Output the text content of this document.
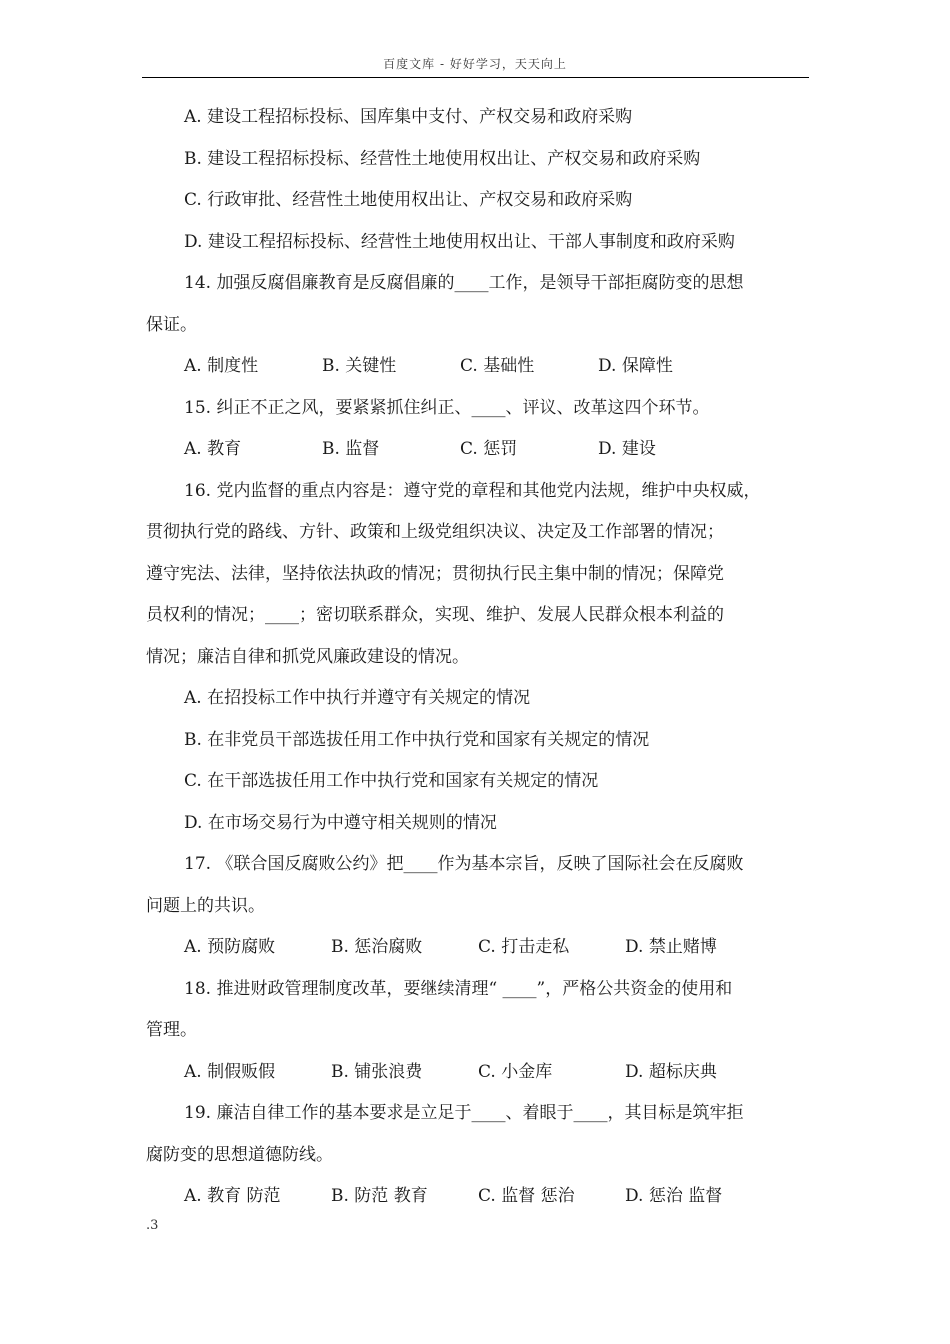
百度文库 - 好好学习，天天向上
A. 建设工程招标投标、国库集中支付、产权交易和政府采购
B. 建设工程招标投标、经营性土地使用权出让、产权交易和政府采购
C. 行政审批、经营性土地使用权出让、产权交易和政府采购
D. 建设工程招标投标、经营性土地使用权出让、干部人事制度和政府采购
14. 加强反腐倡廉教育是反腐倡廉的____工作，是领导干部拒腐防变的思想
保证。
A. 制度性	B. 关键性	C. 基础性	D. 保障性
15. 纠正不正之风，要紧紧抓住纠正、____、评议、改革这四个环节。
A. 教育	B. 监督	C. 惩罚	D. 建设
16. 党内监督的重点内容是：遵守党的章程和其他党内法规，维护中央权威，
贯彻执行党的路线、方针、政策和上级党组织决议、决定及工作部署的情况；
遵守宪法、法律，坚持依法执政的情况；贯彻执行民主集中制的情况；保障党
员权利的情况；____；密切联系群众，实现、维护、发展人民群众根本利益的
情况；廉洁自律和抓党风廉政建设的情况。
A. 在招投标工作中执行并遵守有关规定的情况
B. 在非党员干部选拔任用工作中执行党和国家有关规定的情况
C. 在干部选拔任用工作中执行党和国家有关规定的情况
D. 在市场交易行为中遵守相关规则的情况
17. 《联合国反腐败公约》把____作为基本宗旨，反映了国际社会在反腐败
问题上的共识。
A. 预防腐败	B. 惩治腐败	C. 打击走私	D. 禁止赌博
18. 推进财政管理制度改革，要继续清理“ ____”，严格公共资金的使用和
管理。
A. 制假贩假	B. 铺张浪费	C. 小金库	D. 超标庆典
19. 廉洁自律工作的基本要求是立足于____、着眼于____，其目标是筑牢拒
腐防变的思想道德防线。
A. 教育 防范	B. 防范 教育	C. 监督 惩治	D. 惩治 监督
.3
